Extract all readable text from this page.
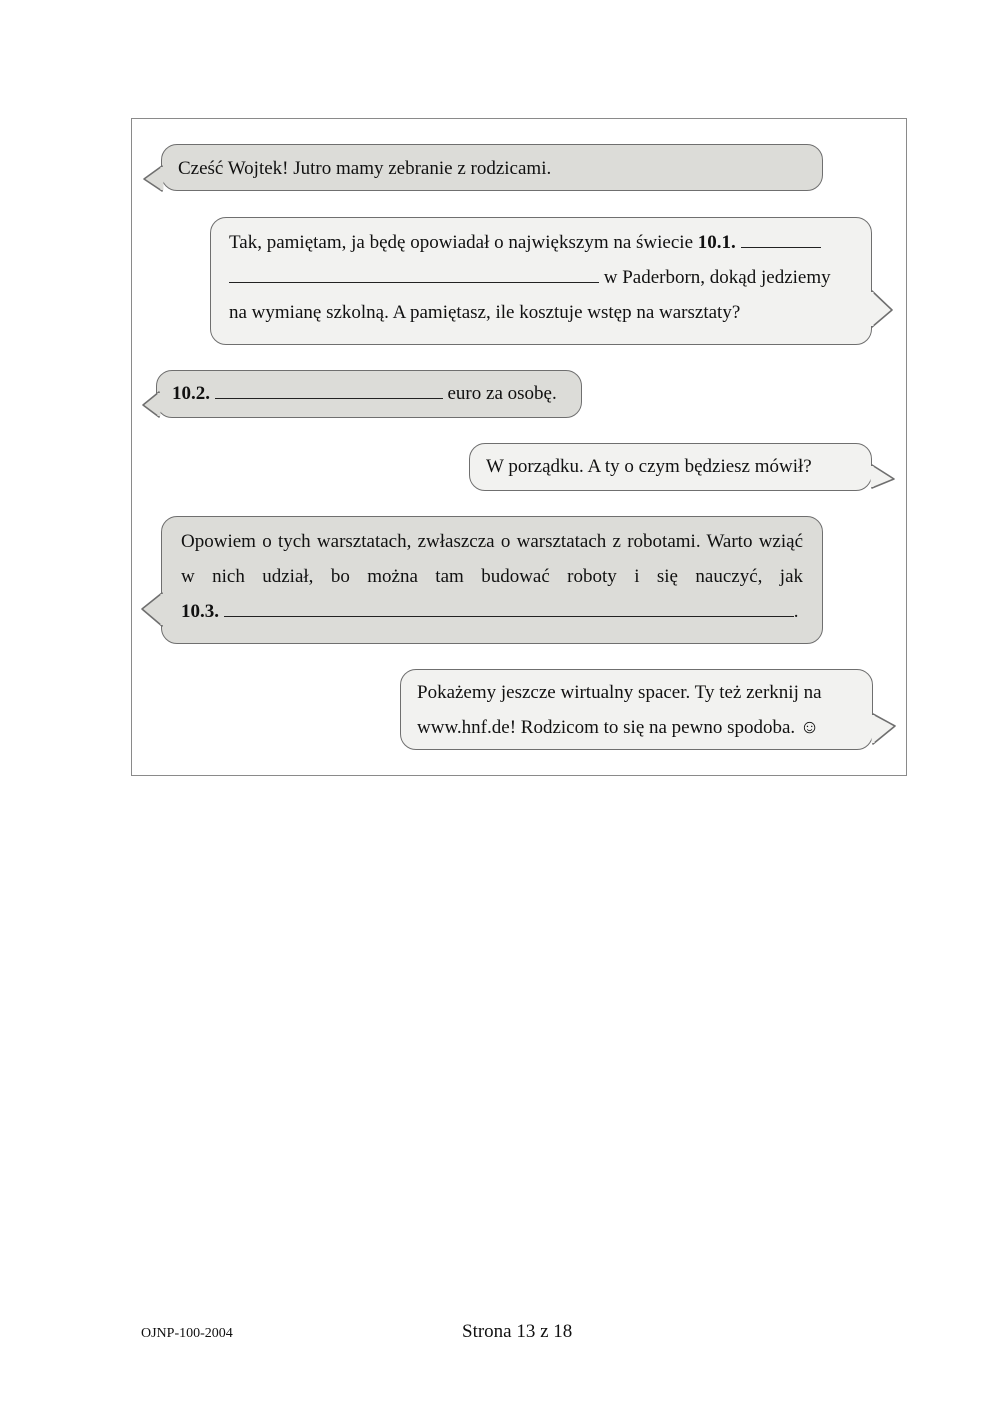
Cześć Wojtek! Jutro mamy zebranie z rodzicami.
Tak, pamiętam, ja będę opowiadał o największym na świecie 10.1.
w Paderborn, dokąd jedziemy
na wymianę szkolną. A pamiętasz, ile kosztuje wstęp na warsztaty?
10.2.	euro za osobę.
W porządku. A ty o czym będziesz mówił?
Opowiem o tych warsztatach, zwłaszcza o warsztatach z robotami. Warto wziąć w nich udział, bo można tam budować roboty i się nauczyć, jak
10.3.	.
Pokażemy jeszcze wirtualny spacer. Ty też zerknij na
www.hnf.de! Rodzicom to się na pewno spodoba. ☺
OJNP-100-2004	Strona 13 z 18
